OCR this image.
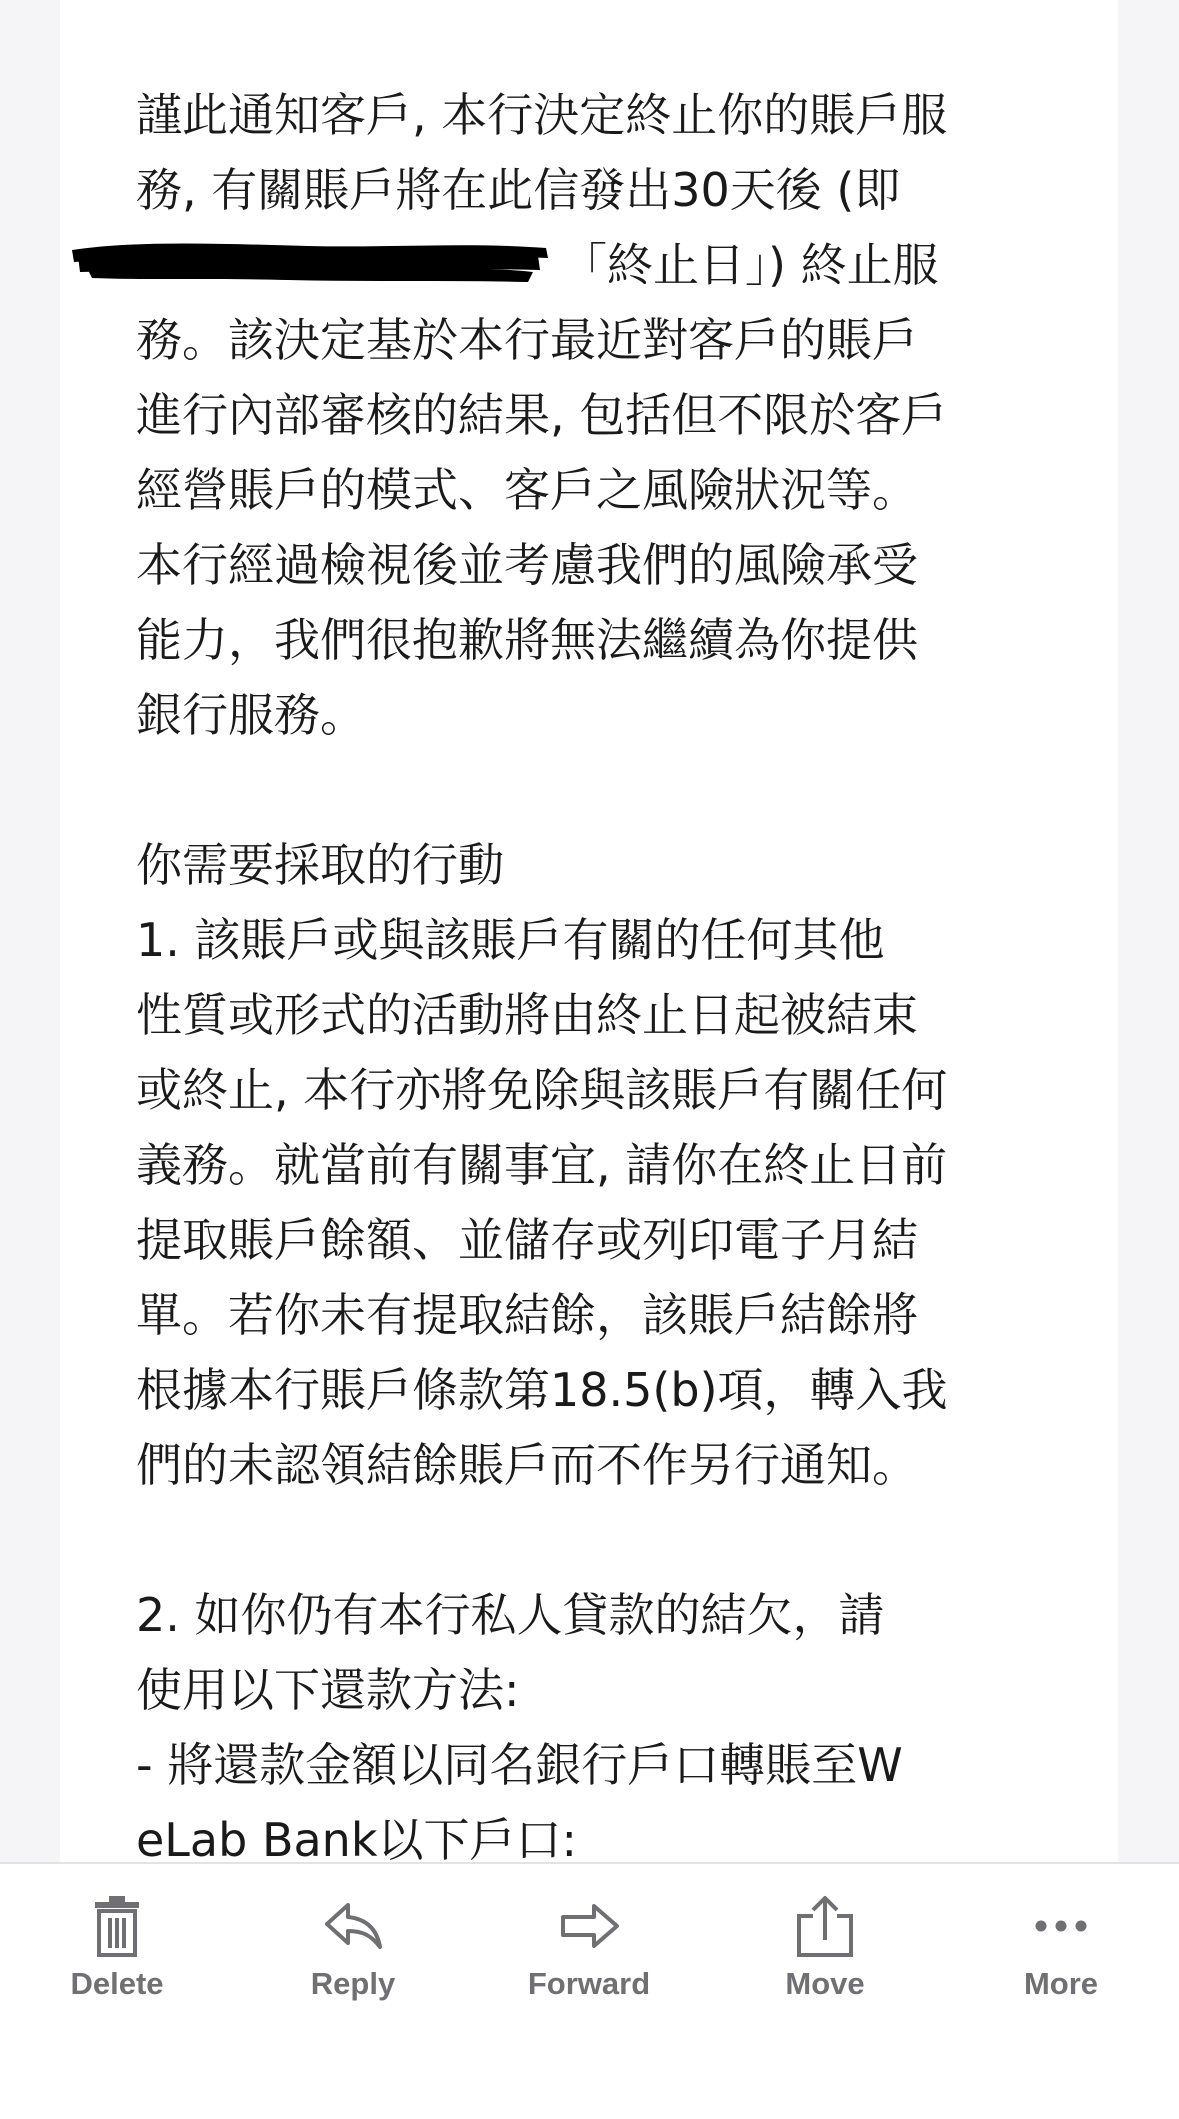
謹此通知客戶, 本行決定終止你的賬戶服
務, 有關賬戶將在此信發出30天後 (即
「終止日」) 終止服
務。該決定基於本行最近對客戶的賬戶
進行內部審核的結果, 包括但不限於客戶
經營賬戶的模式、客戶之風險狀況等。
本行經過檢視後並考慮我們的風險承受
能力，我們很抱歉將無法繼續為你提供
銀行服務。
你需要採取的行動
1. 該賬戶或與該賬戶有關的任何其他
性質或形式的活動將由終止日起被結束
或終止, 本行亦將免除與該賬戶有關任何
義務。就當前有關事宜, 請你在終止日前
提取賬戶餘額、並儲存或列印電子月結
單。若你未有提取結餘，該賬戶結餘將
根據本行賬戶條款第18.5(b)項，轉入我
們的未認領結餘賬戶而不作另行通知。
2. 如你仍有本行私人貸款的結欠，請
使用以下還款方法:
- 將還款金額以同名銀行戶口轉賬至W
eLab Bank以下戶口:
Delete	Reply	Forward	Move	More
